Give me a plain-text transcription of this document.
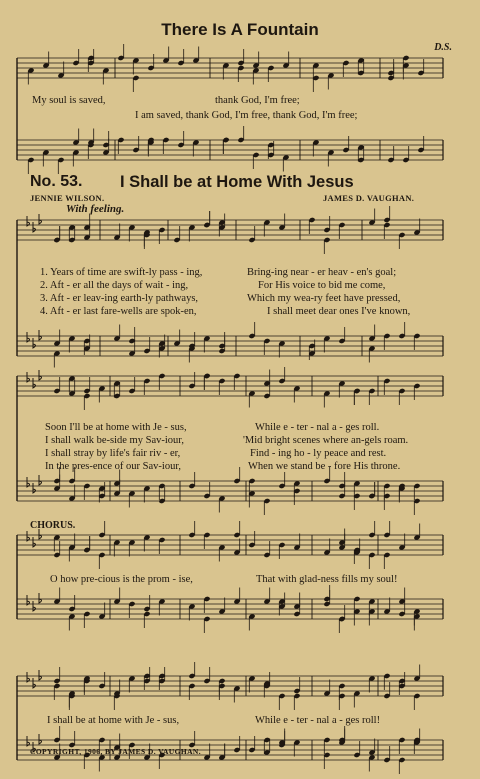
There Is A Fountain
D.S.
My soul is saved,	thank God, I'm free;
I am saved, thank God, I'm free, thank God, I'm free;
No. 53. I Shall be at Home With Jesus
JENNIE WILSON.	JAMES D. VAUGHAN.
With feeling.
1. Years of time are swift-ly pass - ing,	Bring-ing near - er heav - en's goal;
2. Aft - er all the days of wait - ing,	For His voice to bid me come,
3. Aft - er leav-ing earth-ly pathways,	Which my wea-ry feet have pressed,
4. Aft - er last fare-wells are spok-en,	I shall meet dear ones I've known,
Soon I'll be at home with Je - sus,	While e - ter - nal a - ges roll.
I shall walk be-side my Sav-iour,	'Mid bright scenes where an-gels roam.
I shall stray by life's fair riv - er,	Find - ing ho - ly peace and rest.
In the pres-ence of our Sav-iour,	When we stand be - fore His throne.
CHORUS.
O how pre-cious is the prom - ise,	That with glad-ness fills my soul!
I shall be at home with Je - sus,	While e - ter - nal a - ges roll!
COPYRIGHT, 1906, BY JAMES D. VAUGHAN.
